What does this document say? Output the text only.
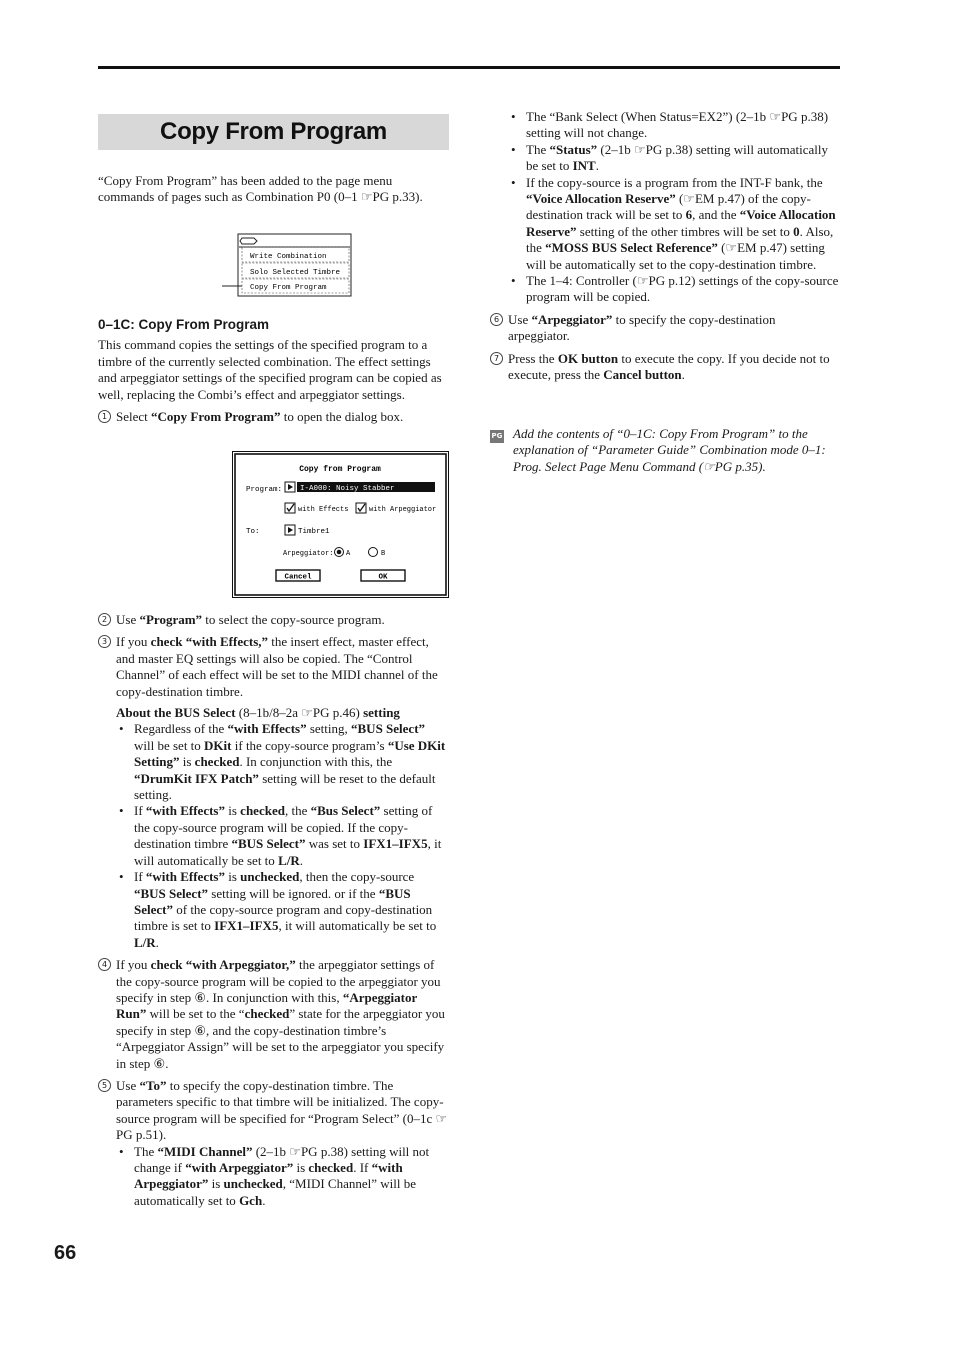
Copy From Program

“Copy From Program” has been added to the page menu commands of pages such as Combination P0 (0–1 ☞PG p.33).

Write Combination
Solo Selected Timbre
Copy From Program
0–1C: Copy From Program

This command copies the settings of the specified program to a timbre of the currently selected combination. The effect settings and arpeggiator settings of the specified program can be copied as well, replacing the Combi’s effect and arpeggiator settings.

1 Select “Copy From Program” to open the dialog box.

Copy from Program
Program: I-A000: Noisy Stabber
with Effects	with Arpeggiator
To:	Timbre1
Arpeggiator: A	B
Cancel	OK

2 Use “Program” to select the copy-source program.

3 If you check “with Effects,” the insert effect, master effect, and master EQ settings will also be copied. The “Control Channel” of each effect will be set to the MIDI channel of the copy-destination timbre.

About the BUS Select (8–1b/8–2a ☞PG p.46) setting

• Regardless of the “with Effects” setting, “BUS Select” will be set to DKit if the copy-source program’s “Use DKit Setting” is checked. In conjunction with this, the “DrumKit IFX Patch” setting will be reset to the default setting.

• If “with Effects” is checked, the “Bus Select” setting of the copy-source program will be copied. If the copy-destination timbre “BUS Select” was set to IFX1–IFX5, it will automatically be set to L/R.

• If “with Effects” is unchecked, then the copy-source “BUS Select” setting will be ignored. or if the “BUS Select” of the copy-source program and copy-destination timbre is set to IFX1–IFX5, it will automatically be set to L/R.

4 If you check “with Arpeggiator,” the arpeggiator settings of the copy-source program will be copied to the arpeggiator you specify in step ⑥. In conjunction with this, “Arpeggiator Run” will be set to the “checked” state for the arpeggiator you specify in step ⑥, and the copy-destination timbre’s “Arpeggiator Assign” will be set to the arpeggiator you specify in step ⑥.

5 Use “To” to specify the copy-destination timbre. The parameters specific to that timbre will be initialized. The copy-source program will be specified for “Program Select” (0–1c ☞PG p.51).

• The “MIDI Channel” (2–1b ☞PG p.38) setting will not change if “with Arpeggiator” is checked. If “with Arpeggiator” is unchecked, “MIDI Channel” will be automatically set to Gch.

• The “Bank Select (When Status=EX2”) (2–1b ☞PG p.38) setting will not change.

• The “Status” (2–1b ☞PG p.38) setting will automatically be set to INT.

• If the copy-source is a program from the INT-F bank, the “Voice Allocation Reserve” (☞EM p.47) of the copy-destination track will be set to 6, and the “Voice Allocation Reserve” setting of the other timbres will be set to 0. Also, the “MOSS BUS Select Reference” (☞EM p.47) setting will be automatically set to the copy-destination timbre.

• The 1–4: Controller (☞PG p.12) settings of the copy-source program will be copied.

6 Use “Arpeggiator” to specify the copy-destination arpeggiator.

7 Press the OK button to execute the copy. If you decide not to execute, press the Cancel button.

PG Add the contents of “0–1C: Copy From Program” to the explanation of “Parameter Guide” Combination mode 0–1: Prog. Select Page Menu Command (☞PG p.35).
66
